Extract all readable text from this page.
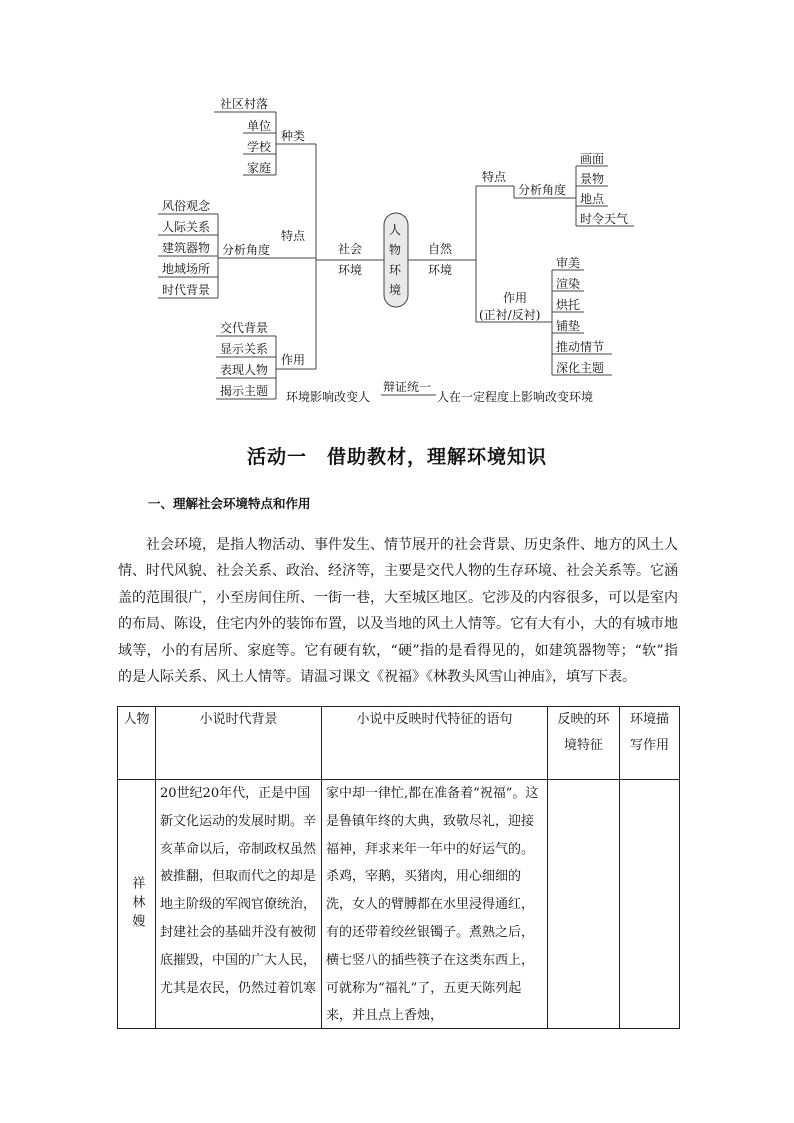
社区村落
单位
学校
家庭
种类
风俗观念
人际关系
建筑器物
地域场所
时代背景
分析角度
特点
交代背景
显示关系
表现人物
揭示主题
作用
社会
环境
人
物
环
境
自然
环境
特点
分析角度
画面
景物
地点
时令天气
作用
(正衬/反衬)
审美
渲染
烘托
铺垫
推动情节
深化主题
环境影响改变人
辩证统一
人在一定程度上影响改变环境
活动一　借助教材，理解环境知识
一、理解社会环境特点和作用

社会环境，是指人物活动、事件发生、情节展开的社会背景、历史条件、地方的风土人情、时代风貌、社会关系、政治、经济等，主要是交代人物的生存环境、社会关系等。它涵盖的范围很广，小至房间住所、一街一巷，大至城区地区。它涉及的内容很多，可以是室内的布局、陈设，住宅内外的装饰布置，以及当地的风土人情等。它有大有小，大的有城市地域等，小的有居所、家庭等。它有硬有软，“硬”指的是看得见的，如建筑器物等；“软”指的是人际关系、风土人情等。请温习课文《祝福》《林教头风雪山神庙》，填写下表。

人物	小说时代背景	小说中反映时代特征的语句	反映的环境特征	环境描写作用
祥林嫂	20世纪20年代，正是中国新文化运动的发展时期。辛亥革命以后，帝制政权虽然被推翻，但取而代之的却是地主阶级的军阀官僚统治，封建社会的基础并没有被彻底摧毁，中国的广大人民，尤其是农民，仍然过着饥寒	家中却一律忙,都在准备着“祝福”。这是鲁镇年终的大典，致敬尽礼，迎接福神，拜求来年一年中的好运气的。杀鸡，宰鹅，买猪肉，用心细细的洗，女人的臂膊都在水里浸得通红，有的还带着绞丝银镯子。煮熟之后，横七竖八的插些筷子在这类东西上，可就称为“福礼”了，五更天陈列起来，并且点上香烛，		
